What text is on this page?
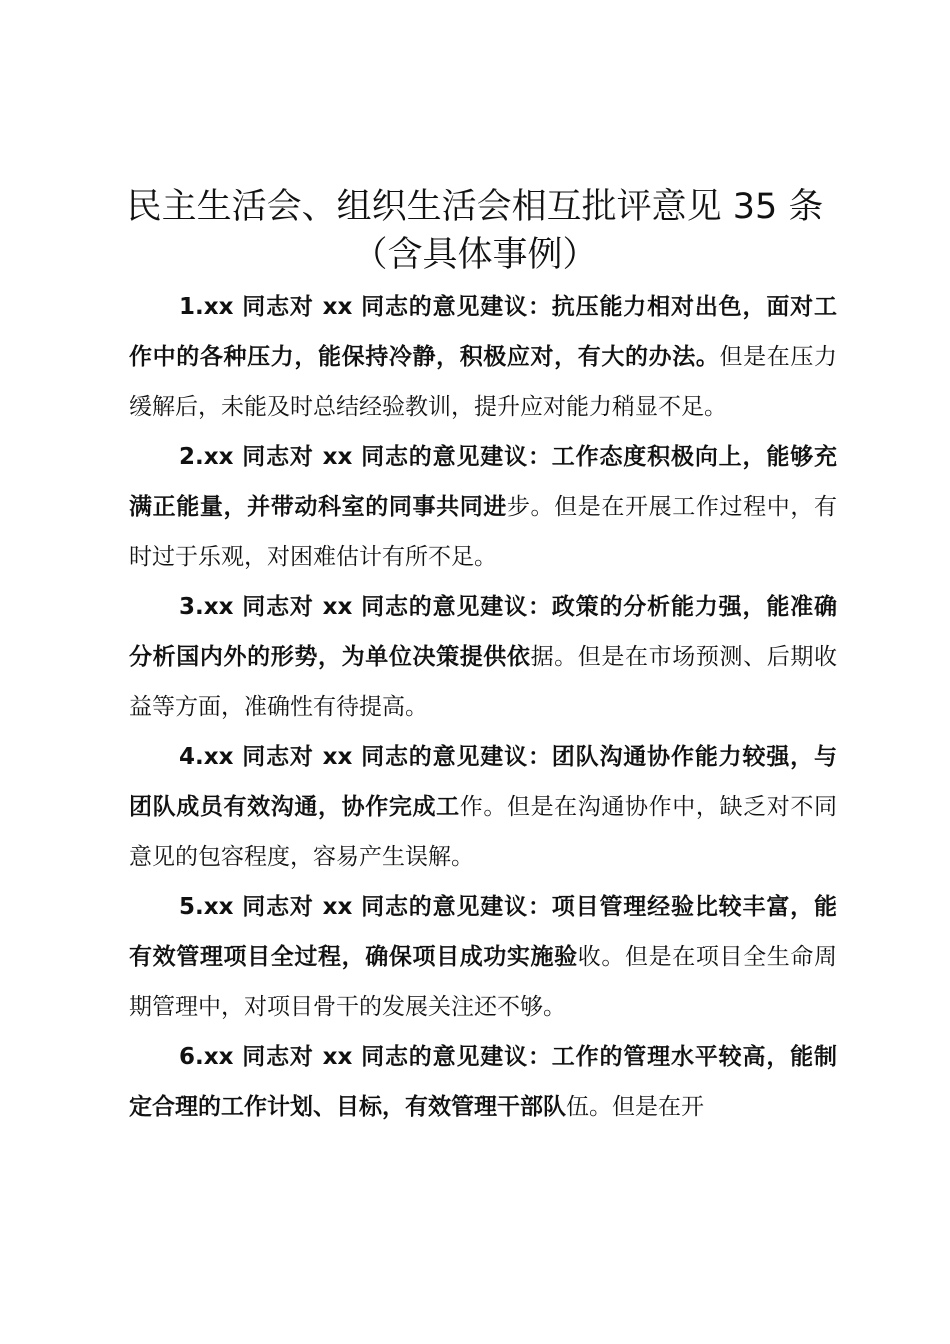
民主生活会、组织生活会相互批评意见 35 条
（含具体事例）

1.xx 同志对 xx 同志的意见建议：抗压能力相对出色，面对工作中的各种压力，能保持冷静，积极应对，有大的办法。但是在压力缓解后，未能及时总结经验教训，提升应对能力稍显不足。

2.xx 同志对 xx 同志的意见建议：工作态度积极向上，能够充满正能量，并带动科室的同事共同进步。但是在开展工作过程中，有时过于乐观，对困难估计有所不足。

3.xx 同志对 xx 同志的意见建议：政策的分析能力强，能准确分析国内外的形势，为单位决策提供依据。但是在市场预测、后期收益等方面，准确性有待提高。

4.xx 同志对 xx 同志的意见建议：团队沟通协作能力较强，与团队成员有效沟通，协作完成工作。但是在沟通协作中，缺乏对不同意见的包容程度，容易产生误解。

5.xx 同志对 xx 同志的意见建议：项目管理经验比较丰富，能有效管理项目全过程，确保项目成功实施验收。但是在项目全生命周期管理中，对项目骨干的发展关注还不够。

6.xx 同志对 xx 同志的意见建议：工作的管理水平较高，能制定合理的工作计划、目标，有效管理干部队伍。但是在开
